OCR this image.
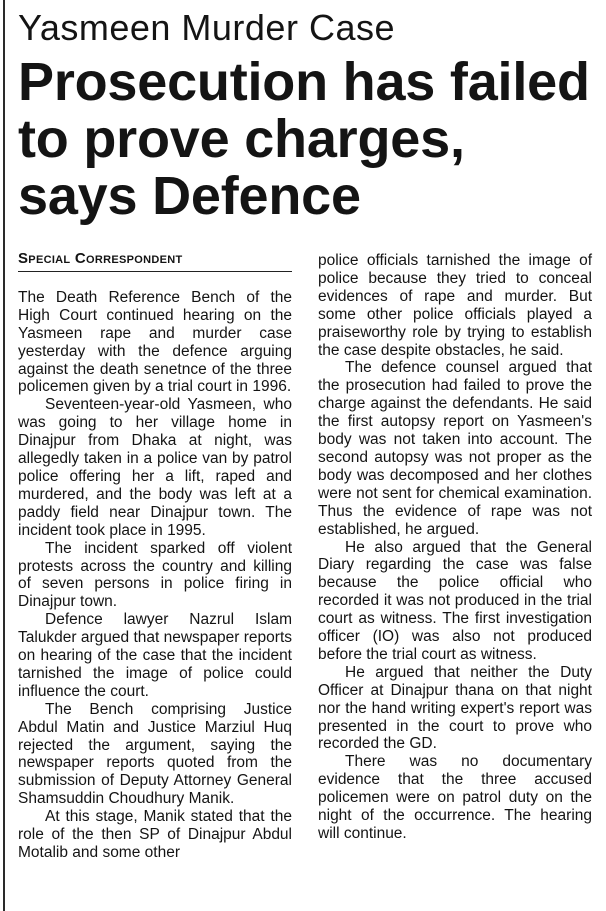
Yasmeen Murder Case
Prosecution has failed
to prove charges,
says Defence
Special Correspondent

The Death Reference Bench of the High Court continued hearing on the Yasmeen rape and murder case yesterday with the defence arguing against the death senetnce of the three policemen given by a trial court in 1996.

Seventeen-year-old Yasmeen, who was going to her village home in Dinajpur from Dhaka at night, was allegedly taken in a police van by patrol police offering her a lift, raped and murdered, and the body was left at a paddy field near Dinajpur town. The incident took place in 1995.

The incident sparked off violent protests across the country and killing of seven persons in police firing in Dinajpur town.

Defence lawyer Nazrul Islam Talukder argued that newspaper reports on hearing of the case that the incident tarnished the image of police could influence the court.

The Bench comprising Justice Abdul Matin and Justice Marziul Huq rejected the argument, saying the newspaper reports quoted from the submission of Deputy Attorney General Shamsuddin Choudhury Manik.

At this stage, Manik stated that the role of the then SP of Dinajpur Abdul Motalib and some other

police officials tarnished the image of police because they tried to conceal evidences of rape and murder. But some other police officials played a praiseworthy role by trying to establish the case despite obstacles, he said.

The defence counsel argued that the prosecution had failed to prove the charge against the defendants. He said the first autopsy report on Yasmeen's body was not taken into account. The second autopsy was not proper as the body was decomposed and her clothes were not sent for chemical examination. Thus the evidence of rape was not established, he argued.

He also argued that the General Diary regarding the case was false because the police official who recorded it was not produced in the trial court as witness. The first investigation officer (IO) was also not produced before the trial court as witness.

He argued that neither the Duty Officer at Dinajpur thana on that night nor the hand writing expert's report was presented in the court to prove who recorded the GD.

There was no documentary evidence that the three accused policemen were on patrol duty on the night of the occurrence. The hearing will continue.
